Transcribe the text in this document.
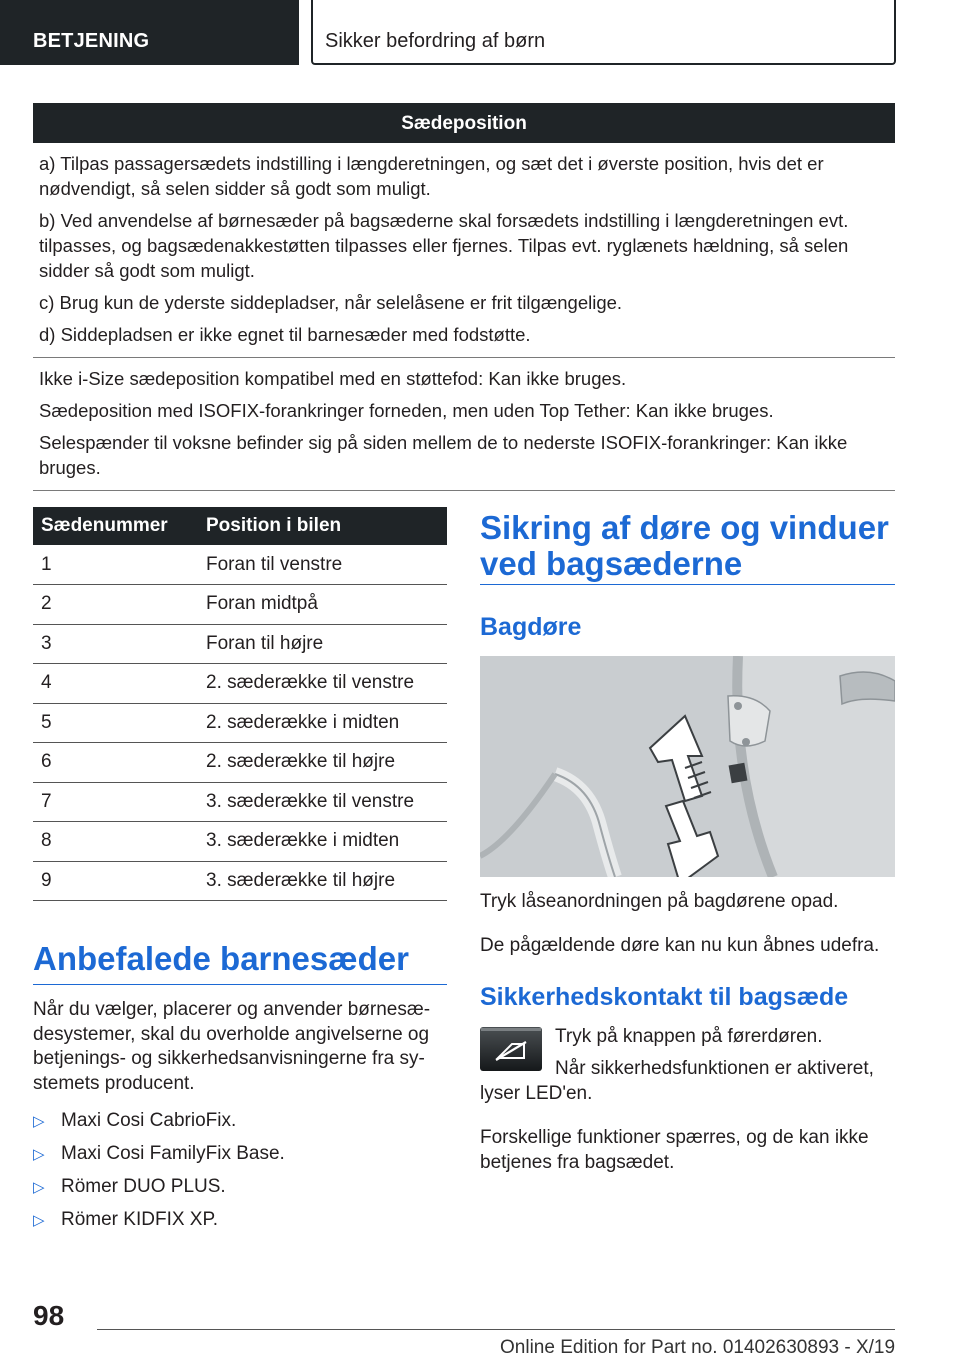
BETJENING	Sikker befordring af børn
Sædeposition

a) Tilpas passagersædets indstilling i længderetningen, og sæt det i øverste position, hvis det er nødvendigt, så selen sidder så godt som muligt.

b) Ved anvendelse af børnesæder på bagsæderne skal forsædets indstilling i længderetningen evt. tilpasses, og bagsædenakkestøtten tilpasses eller fjernes. Tilpas evt. ryglænets hældning, så selen sidder så godt som muligt.

c) Brug kun de yderste siddepladser, når selelåsene er frit tilgængelige.

d) Siddepladsen er ikke egnet til barnesæder med fodstøtte.

Ikke i-Size sædeposition kompatibel med en støttefod: Kan ikke bruges.

Sædeposition med ISOFIX-forankringer forneden, men uden Top Tether: Kan ikke bruges.

Selespænder til voksne befinder sig på siden mellem de to nederste ISOFIX-forankringer: Kan ikke bruges.

Sædenummer	Position i bilen
1	Foran til venstre
2	Foran midtpå
3	Foran til højre
4	2. sæderække til venstre
5	2. sæderække i midten
6	2. sæderække til højre
7	3. sæderække til venstre
8	3. sæderække i midten
9	3. sæderække til højre
Anbefalede barnesæder
Når du vælger, placerer og anvender børnesædesystemer, skal du overholde angivelserne og betjenings- og sikkerhedsanvisningerne fra systemets producent.
▷ Maxi Cosi CabrioFix.
▷ Maxi Cosi FamilyFix Base.
▷ Römer DUO PLUS.
▷ Römer KIDFIX XP.
Sikring af døre og vinduer ved bagsæderne
Bagdøre
Tryk låseanordningen på bagdørene opad.
De pågældende døre kan nu kun åbnes udefra.
Sikkerhedskontakt til bagsæde
Tryk på knappen på førerdøren.
Når sikkerhedsfunktionen er aktiveret, lyser LED'en.
Forskellige funktioner spærres, og de kan ikke betjenes fra bagsædet.
98
Online Edition for Part no. 01402630893 - X/19
